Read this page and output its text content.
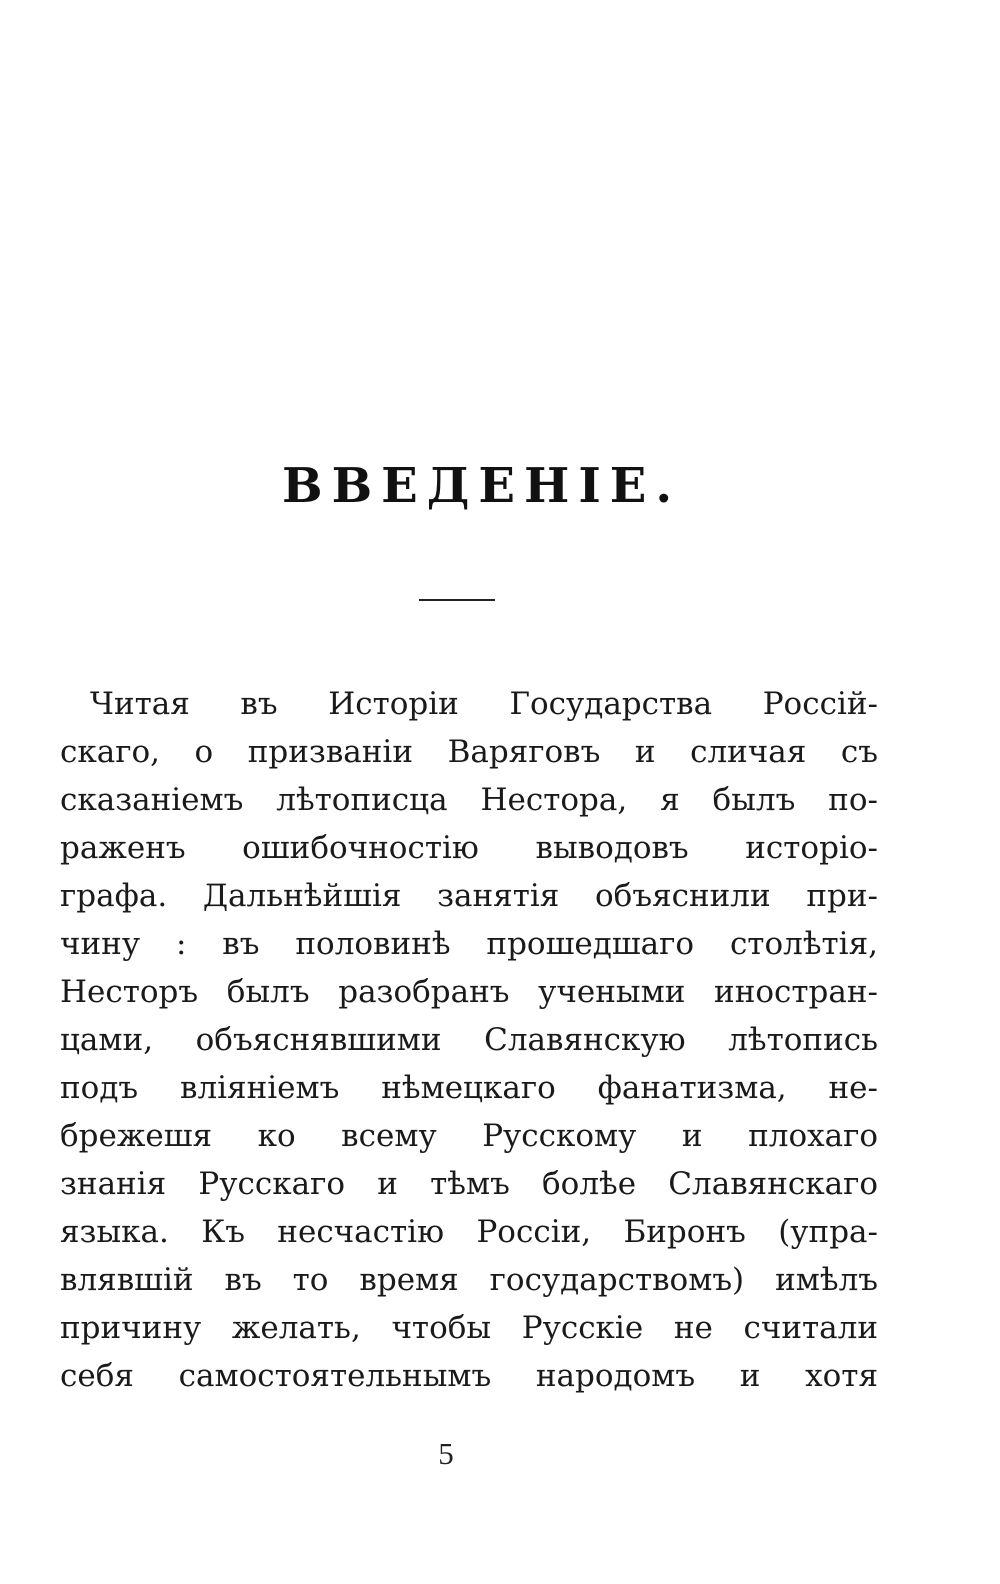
ВВЕДЕНІЕ.
Читая въ Исторіи Государства Россій-
скаго, о призваніи Варяговъ и сличая съ
сказаніемъ лѣтописца Нестора, я былъ по-
раженъ ошибочностію выводовъ исторіо-
графа. Дальнѣйшія занятія объяснили при-
чину : въ половинѣ прошедшаго столѣтія,
Несторъ былъ разобранъ учеными иностран-
цами, объяснявшими Славянскую лѣтопись
подъ вліяніемъ нѣмецкаго фанатизма, не-
брежешя ко всему Русскому и плохаго
знанія Русскаго и тѣмъ болѣе Славянскаго
языка. Къ несчастію Россіи, Биронъ (упра-
влявшій въ то время государствомъ) имѣлъ
причину желать, чтобы Русскіе не считали
себя самостоятельнымъ народомъ и хотя
5
